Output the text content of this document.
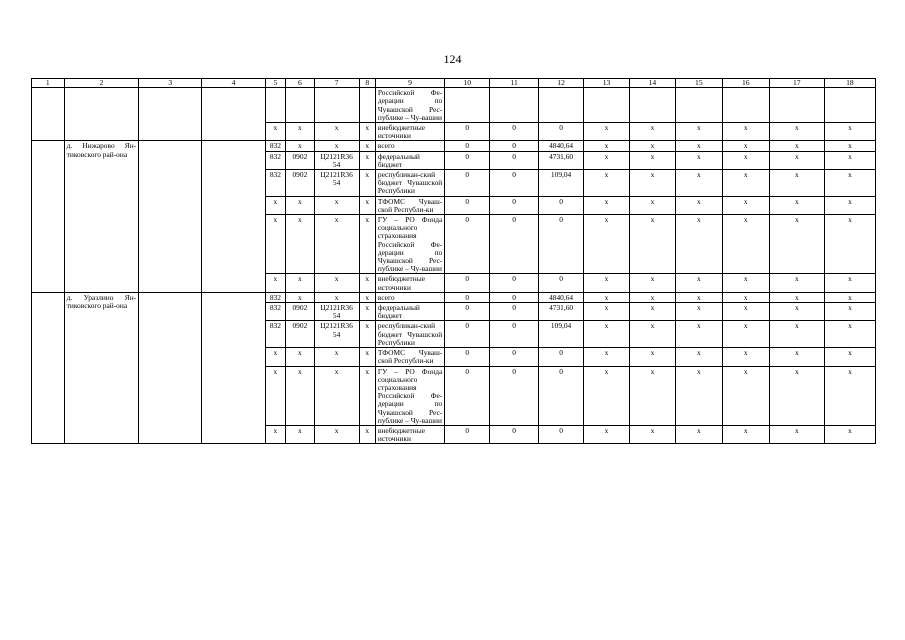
124
1	2	3	4	5	6	7	8	9	10	11	12	13	14	15	16	17	18
								Российской Фе-дерации по Чувашской Рес-публике – Чу-вашии									
				x	x	x	x	внебюджетные источники	0	0	0	x	x	x	x	x	x
	д. Нижарово Ян-тиковского рай-она			832	x	x	x	всего	0	0	4840,64	x	x	x	x	x	x
				832	0902	Ц2121R36 54	x	федеральный бюджет	0	0	4731,60	x	x	x	x	x	x
				832	0902	Ц2121R36 54	x	республикан-ский бюджет Чувашской Республики	0	0	109,04	x	x	x	x	x	x
				x	x	x	x	ТФОМС Чуваш-ской Республи-ки	0	0	0	x	x	x	x	x	x
				x	x	x	x	ГУ – РО Фонда социального страхования Российской Фе-дерации по Чувашской Рес-публике – Чу-вашии	0	0	0	x	x	x	x	x	x
				x	x	x	x	внебюджетные источники	0	0	0	x	x	x	x	x	x
	д. Уразлино Ян-тиковского рай-она			832	x	x	x	всего	0	0	4840,64	x	x	x	x	x	x
				832	0902	Ц2121R36 54	x	федеральный бюджет	0	0	4731,60	x	x	x	x	x	x
				832	0902	Ц2121R36 54	x	республикан-ский бюджет Чувашской Республики	0	0	109,04	x	x	x	x	x	x
				x	x	x	x	ТФОМС Чуваш-ской Республи-ки	0	0	0	x	x	x	x	x	x
				x	x	x	x	ГУ – РО Фонда социального страхования Российской Фе-дерации по Чувашской Рес-публике – Чу-вашии	0	0	0	x	x	x	x	x	x
				x	x	x	x	внебюджетные источники	0	0	0	x	x	x	x	x	x
